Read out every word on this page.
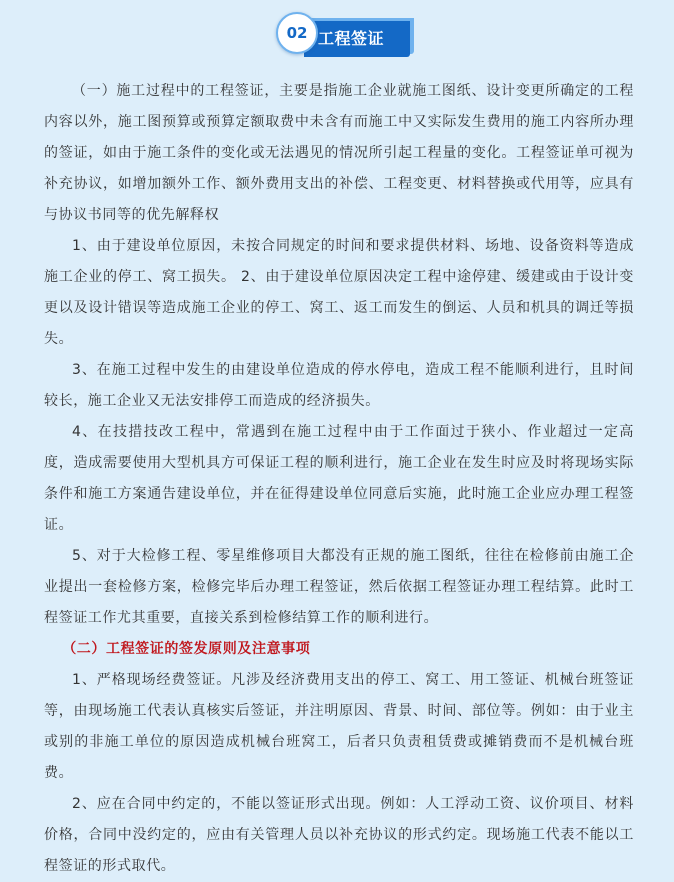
工程签证
02

（一）施工过程中的工程签证，主要是指施工企业就施工图纸、设计变更所确定的工程内容以外，施工图预算或预算定额取费中未含有而施工中又实际发生费用的施工内容所办理的签证，如由于施工条件的变化或无法遇见的情况所引起工程量的变化。工程签证单可视为补充协议，如增加额外工作、额外费用支出的补偿、工程变更、材料替换或代用等，应具有与协议书同等的优先解释权

1、由于建设单位原因，未按合同规定的时间和要求提供材料、场地、设备资料等造成施工企业的停工、窝工损失。 2、由于建设单位原因决定工程中途停建、缓建或由于设计变更以及设计错误等造成施工企业的停工、窝工、返工而发生的倒运、人员和机具的调迁等损失。

3、在施工过程中发生的由建设单位造成的停水停电，造成工程不能顺利进行，且时间较长，施工企业又无法安排停工而造成的经济损失。

4、在技措技改工程中，常遇到在施工过程中由于工作面过于狭小、作业超过一定高度，造成需要使用大型机具方可保证工程的顺利进行，施工企业在发生时应及时将现场实际条件和施工方案通告建设单位，并在征得建设单位同意后实施，此时施工企业应办理工程签证。

5、对于大检修工程、零星维修项目大都没有正规的施工图纸，往往在检修前由施工企业提出一套检修方案，检修完毕后办理工程签证，然后依据工程签证办理工程结算。此时工程签证工作尤其重要，直接关系到检修结算工作的顺利进行。

（二）工程签证的签发原则及注意事项

1、严格现场经费签证。凡涉及经济费用支出的停工、窝工、用工签证、机械台班签证等，由现场施工代表认真核实后签证，并注明原因、背景、时间、部位等。例如：由于业主或别的非施工单位的原因造成机械台班窝工，后者只负责租赁费或摊销费而不是机械台班费。

2、应在合同中约定的，不能以签证形式出现。例如：人工浮动工资、议价项目、材料价格，合同中没约定的，应由有关管理人员以补充协议的形式约定。现场施工代表不能以工程签证的形式取代。
